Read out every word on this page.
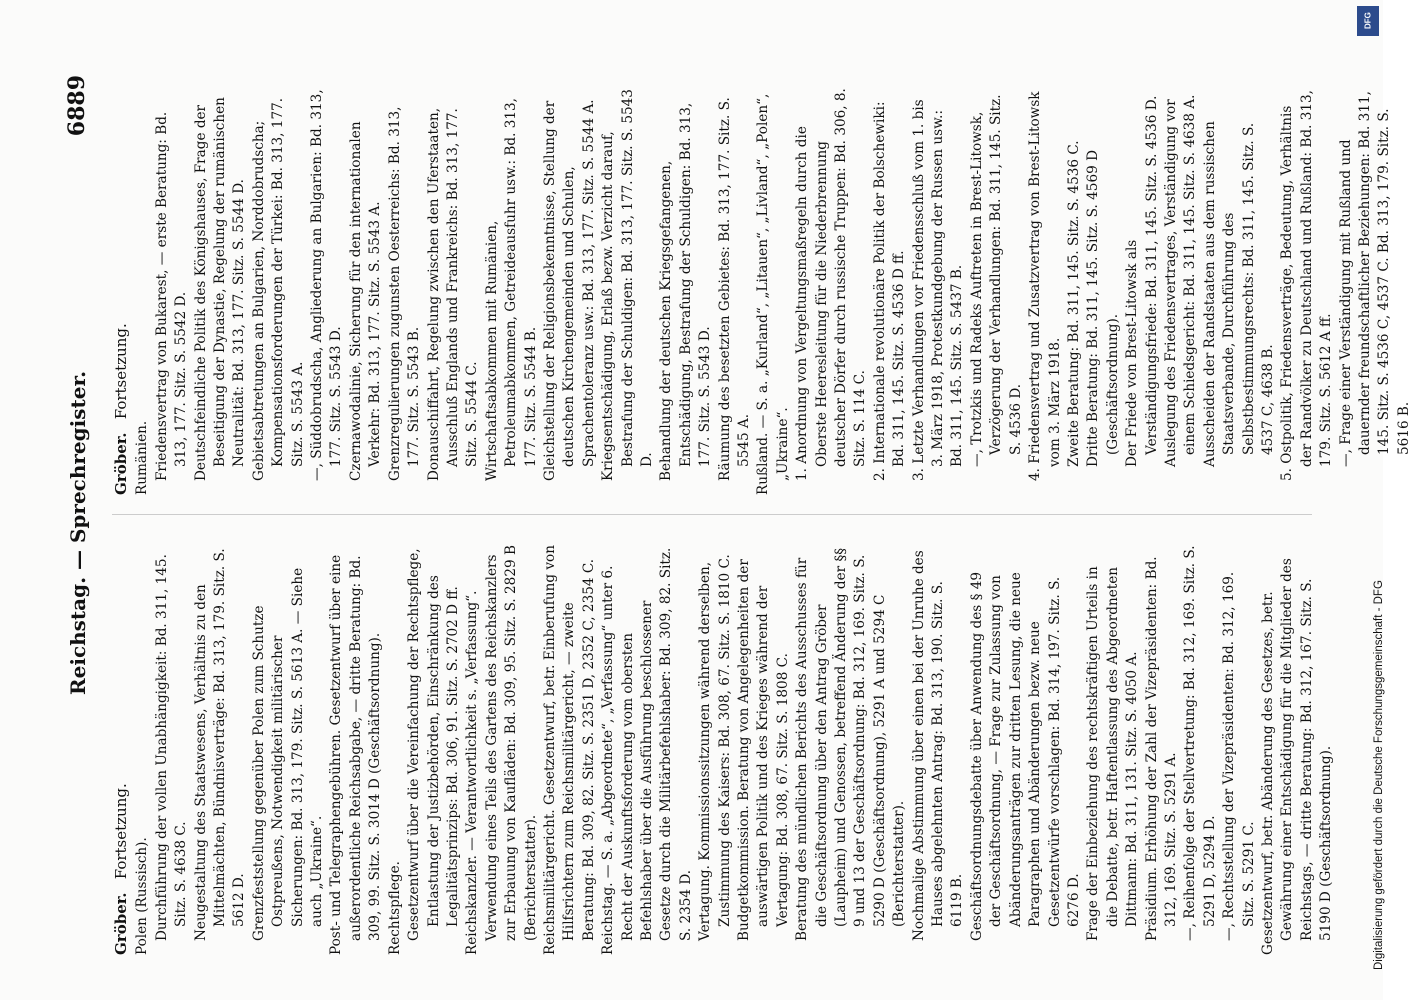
Reichstag. — Sprechregister.
6889
Gröber. Fortsetzung.

Polen (Russisch). Durchführung der vollen Unabhängigkeit: Bd. 311, 145. Sitz. S. 4638 C. Neugestaltung des Staatswesens, Verhältnis zu den Mittelmächten, Bündnisverträge: Bd. 313, 179. Sitz. S. 5612 D. Grenzfeststellung gegenüber Polen zum Schutze Ostpreußens, Notwendigkeit militärischer Sicherungen: Bd. 313, 179. Sitz. S. 5613 A. — Siehe auch „Ukraine“. Post- und Telegraphengebühren. Gesetzentwurf über eine außerordentliche Reichsabgabe, — dritte Beratung: Bd. 309, 99. Sitz. S. 3014 D (Geschäftsordnung). Rechtspflege. Gesetzentwurf über die Vereinfachung der Rechtspflege, Entlastung der Justizbehörden, Einschränkung des Legalitätsprinzips: Bd. 306, 91. Sitz. S. 2702 D ff. Reichskanzler. — Verantwortlichkeit s. „Verfassung“. Verwendung eines Teils des Gartens des Reichskanzlers zur Erbauung von Kaufläden: Bd. 309, 95. Sitz. S. 2829 B (Berichterstatter). Reichsmilitärgericht. Gesetzentwurf, betr. Einberufung von Hilfsrichtern zum Reichsmilitärgericht, — zweite Beratung: Bd. 309, 82. Sitz. S. 2351 D, 2352 C, 2354 C. Reichstag. — S. a. „Abgeordnete“, „Verfassung“ unter 6. Recht der Auskunftsforderung vom obersten Befehlshaber über die Ausführung beschlossener Gesetze durch die Militärbefehlshaber: Bd. 309, 82. Sitz. S. 2354 D. Vertagung. Kommissionssitzungen während derselben, Zustimmung des Kaisers: Bd. 308, 67. Sitz. S. 1810 C. Budgetkommission. Beratung von Angelegenheiten der auswärtigen Politik und des Krieges während der Vertagung: Bd. 308, 67. Sitz. S. 1808 C. Beratung des mündlichen Berichts des Ausschusses für die Geschäftsordnung über den Antrag Gröber (Laupheim) und Genossen, betreffend Änderung der §§ 9 und 13 der Geschäftsordnung: Bd. 312, 169. Sitz. S. 5290 D (Geschäftsordnung), 5291 A und 5294 C (Berichterstatter). Nochmalige Abstimmung über einen bei der Unruhe des Hauses abgelehnten Antrag: Bd. 313, 190. Sitz. S. 6119 B. Geschäftsordnungsdebatte über Anwendung des § 49 der Geschäftsordnung, — Frage zur Zulassung von Abänderungsanträgen zur dritten Lesung, die neue Paragraphen und Abänderungen bezw. neue Gesetzentwürfe vorschlagen: Bd. 314, 197. Sitz. S. 6276 D. Frage der Einbeziehung des rechtskräftigen Urteils in die Debatte, betr. Haftentlassung des Abgeordneten Dittmann: Bd. 311, 131. Sitz. S. 4050 A. Präsidium. Erhöhung der Zahl der Vizepräsidenten: Bd. 312, 169. Sitz. S. 5291 A. —, Reihenfolge der Stellvertretung: Bd. 312, 169. Sitz. S. 5291 D, 5294 D. —, Rechtsstellung der Vizepräsidenten: Bd. 312, 169. Sitz. S. 5291 C. Gesetzentwurf, betr. Abänderung des Gesetzes, betr. Gewährung einer Entschädigung für die Mitglieder des Reichstags, — dritte Beratung: Bd. 312, 167. Sitz. S. 5190 D (Geschäftsordnung).

Gröber. Fortsetzung.

Rumänien. Friedensvertrag von Bukarest, — erste Beratung: Bd. 313, 177. Sitz. S. 5542 D. Deutschfeindliche Politik des Königshauses, Frage der Beseitigung der Dynastie, Regelung der rumänischen Neutralität: Bd. 313, 177. Sitz. S. 5544 D. Gebietsabtretungen an Bulgarien, Norddobrudscha; Kompensationsforderungen der Türkei: Bd. 313, 177. Sitz. S. 5543 A. —, Süddobrudscha, Angliederung an Bulgarien: Bd. 313, 177. Sitz. S. 5543 D. Czernawodalinie, Sicherung für den internationalen Verkehr: Bd. 313, 177. Sitz. S. 5543 A. Grenzregulierungen zugunsten Oesterreichs: Bd. 313, 177. Sitz. S. 5543 B. Donauschiffahrt, Regelung zwischen den Uferstaaten, Ausschluß Englands und Frankreichs: Bd. 313, 177. Sitz. S. 5544 C. Wirtschaftsabkommen mit Rumänien, Petroleumabkommen, Getreideausfuhr usw.: Bd. 313, 177. Sitz. S. 5544 B. Gleichstellung der Religionsbekenntnisse, Stellung der deutschen Kirchengemeinden und Schulen, Sprachentoleranz usw.: Bd. 313, 177. Sitz. S. 5544 A. Kriegsentschädigung, Erlaß bezw. Verzicht darauf, Bestrafung der Schuldigen: Bd. 313, 177. Sitz. S. 5543 D. Behandlung der deutschen Kriegsgefangenen, Entschädigung, Bestrafung der Schuldigen: Bd. 313, 177. Sitz. S. 5543 D. Räumung des besetzten Gebietes: Bd. 313, 177. Sitz. S. 5545 A. Rußland. — S. a. „Kurland“, „Litauen“, „Livland“, „Polen“, „Ukraine“. 1. Anordnung von Vergeltungsmaßregeln durch die Oberste Heeresleitung für die Niederbrennung deutscher Dörfer durch russische Truppen: Bd. 306, 8. Sitz. S. 114 C. 2. Internationale revolutionäre Politik der Bolschewiki: Bd. 311, 145. Sitz. S. 4536 D ff. 3. Letzte Verhandlungen vor Friedensschluß vom 1. bis 3. März 1918, Protestkundgebung der Russen usw.: Bd. 311, 145. Sitz. S. 5437 B. —, Trotzkis und Radeks Auftreten in Brest-Litowsk, Verzögerung der Verhandlungen: Bd. 311, 145. Sitz. S. 4536 D. 4. Friedensvertrag und Zusatzvertrag von Brest-Litowsk vom 3. März 1918. Zweite Beratung: Bd. 311, 145. Sitz. S. 4536 C. Dritte Beratung: Bd. 311, 145. Sitz. S. 4569 D (Geschäftsordnung). Der Friede von Brest-Litowsk als Verständigungsfriede: Bd. 311, 145. Sitz. S. 4536 D. Auslegung des Friedensvertrages, Verständigung vor einem Schiedsgericht: Bd. 311, 145. Sitz. S. 4638 A. Ausscheiden der Randstaaten aus dem russischen Staatsverbande, Durchführung des Selbstbestimmungsrechts: Bd. 311, 145. Sitz. S. 4537 C, 4638 B. 5. Ostpolitik, Friedensverträge, Bedeutung, Verhältnis der Randvölker zu Deutschland und Rußland: Bd. 313, 179. Sitz. S. 5612 A ff. —, Frage einer Verständigung mit Rußland und dauernder freundschaftlicher Beziehungen: Bd. 311, 145. Sitz. S. 4536 C, 4537 C. Bd. 313, 179. Sitz. S. 5616 B.

Digitalisierung gefördert durch die Deutsche Forschungsgemeinschaft - DFG
DFG
